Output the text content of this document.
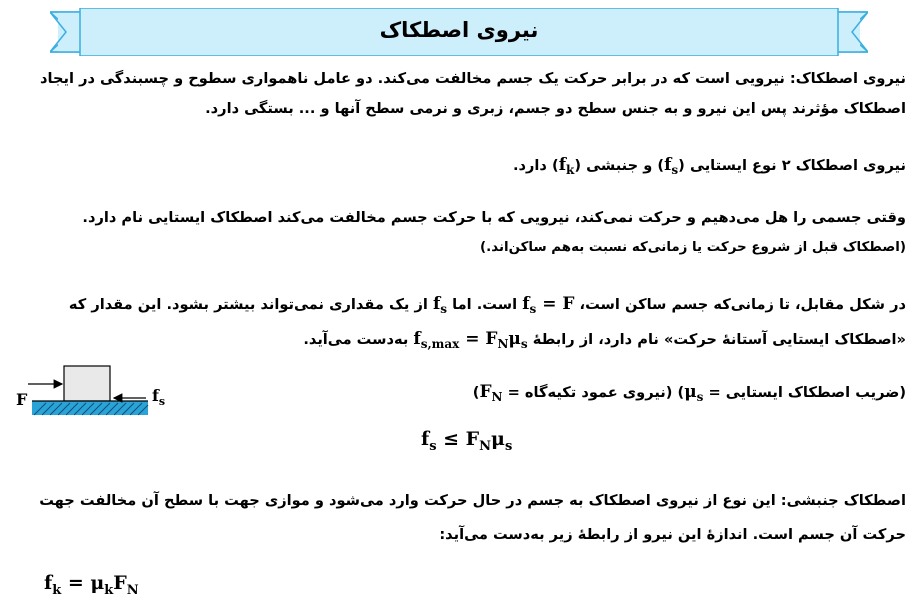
نیروی اصطکاک
نیروی اصطکاک: نیرویی است که در برابر حرکت یک جسم مخالفت می‌کند. دو عامل ناهمواری سطوح و چسبندگی در ایجاد
اصطکاک مؤثرند پس این نیرو و به جنس سطح دو جسم، زبری و نرمی سطح آنها و ... بستگی دارد.
نیروی اصطکاک ۲ نوع ایستایی $(f_s)$ و جنبشی $(f_k)$ دارد.
وقتی جسمی را هل می‌دهیم و حرکت نمی‌کند، نیرویی که با حرکت جسم مخالفت می‌کند اصطکاک ایستایی نام دارد.
(اصطکاک قبل از شروع حرکت یا زمانی‌که نسبت به‌هم ساکن‌اند.)
در شکل مقابل، تا زمانی‌که جسم ساکن است، $f_s = F$ است. اما $f_s$ از یک مقداری نمی‌تواند بیشتر بشود. این مقدار که
«اصطکاک ایستایی آستانهٔ حرکت» نام دارد، از رابطهٔ $f_{s,max} = F_N\mu_s$ به‌دست می‌آید.
F	$f_s$
(ضریب اصطکاک ایستایی = $\mu_s$) (نیروی عمود تکیه‌گاه = $F_N$)
$f_s \le F_N\mu_s$
اصطکاک جنبشی: این نوع از نیروی اصطکاک به جسم در حال حرکت وارد می‌شود و موازی جهت با سطح آن مخالفت جهت
حرکت آن جسم است. اندازهٔ این نیرو از رابطهٔ زیر به‌دست می‌آید:
$f_k = \mu_kF_N$
